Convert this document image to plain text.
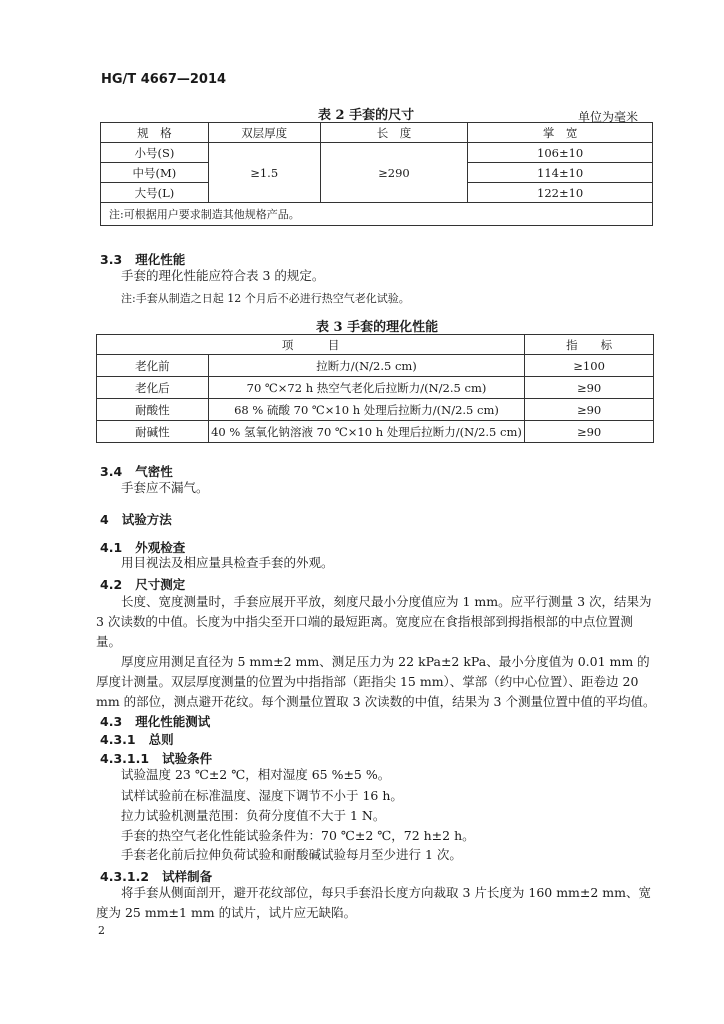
HG/T 4667—2014
表 2 手套的尺寸	单位为毫米
规　格	双层厚度	长　度	掌　宽
小号(S)	≥1.5	≥290	106±10
中号(M)			114±10
大号(L)			122±10
注:可根据用户要求制造其他规格产品。			
3.3 理化性能
手套的理化性能应符合表 3 的规定。
注:手套从制造之日起 12 个月后不必进行热空气老化试验。
表 3 手套的理化性能
项　　　目		指　　标
老化前	拉断力/(N/2.5 cm)	≥100
老化后	70 ℃×72 h 热空气老化后拉断力/(N/2.5 cm)	≥90
耐酸性	68 % 硫酸 70 ℃×10 h 处理后拉断力/(N/2.5 cm)	≥90
耐碱性	40 % 氢氧化钠溶液 70 ℃×10 h 处理后拉断力/(N/2.5 cm)	≥90
3.4 气密性
手套应不漏气。
4 试验方法
4.1 外观检查
用目视法及相应量具检查手套的外观。
4.2 尺寸测定
长度、宽度测量时，手套应展开平放，刻度尺最小分度值应为 1 mm。应平行测量 3 次，结果为 3 次读数的中值。长度为中指尖至开口端的最短距离。宽度应在食指根部到拇指根部的中点位置测量。
厚度应用测足直径为 5 mm±2 mm、测足压力为 22 kPa±2 kPa、最小分度值为 0.01 mm 的厚度计测量。双层厚度测量的位置为中指指部（距指尖 15 mm）、掌部（约中心位置）、距卷边 20 mm 的部位，测点避开花纹。每个测量位置取 3 次读数的中值，结果为 3 个测量位置中值的平均值。
4.3 理化性能测试
4.3.1 总则
4.3.1.1 试验条件
试验温度 23 ℃±2 ℃，相对湿度 65 %±5 %。
试样试验前在标准温度、湿度下调节不小于 16 h。
拉力试验机测量范围：负荷分度值不大于 1 N。
手套的热空气老化性能试验条件为：70 ℃±2 ℃，72 h±2 h。
手套老化前后拉伸负荷试验和耐酸碱试验每月至少进行 1 次。
4.3.1.2 试样制备
将手套从侧面剖开，避开花纹部位，每只手套沿长度方向裁取 3 片长度为 160 mm±2 mm、宽度为 25 mm±1 mm 的试片，试片应无缺陷。
2
